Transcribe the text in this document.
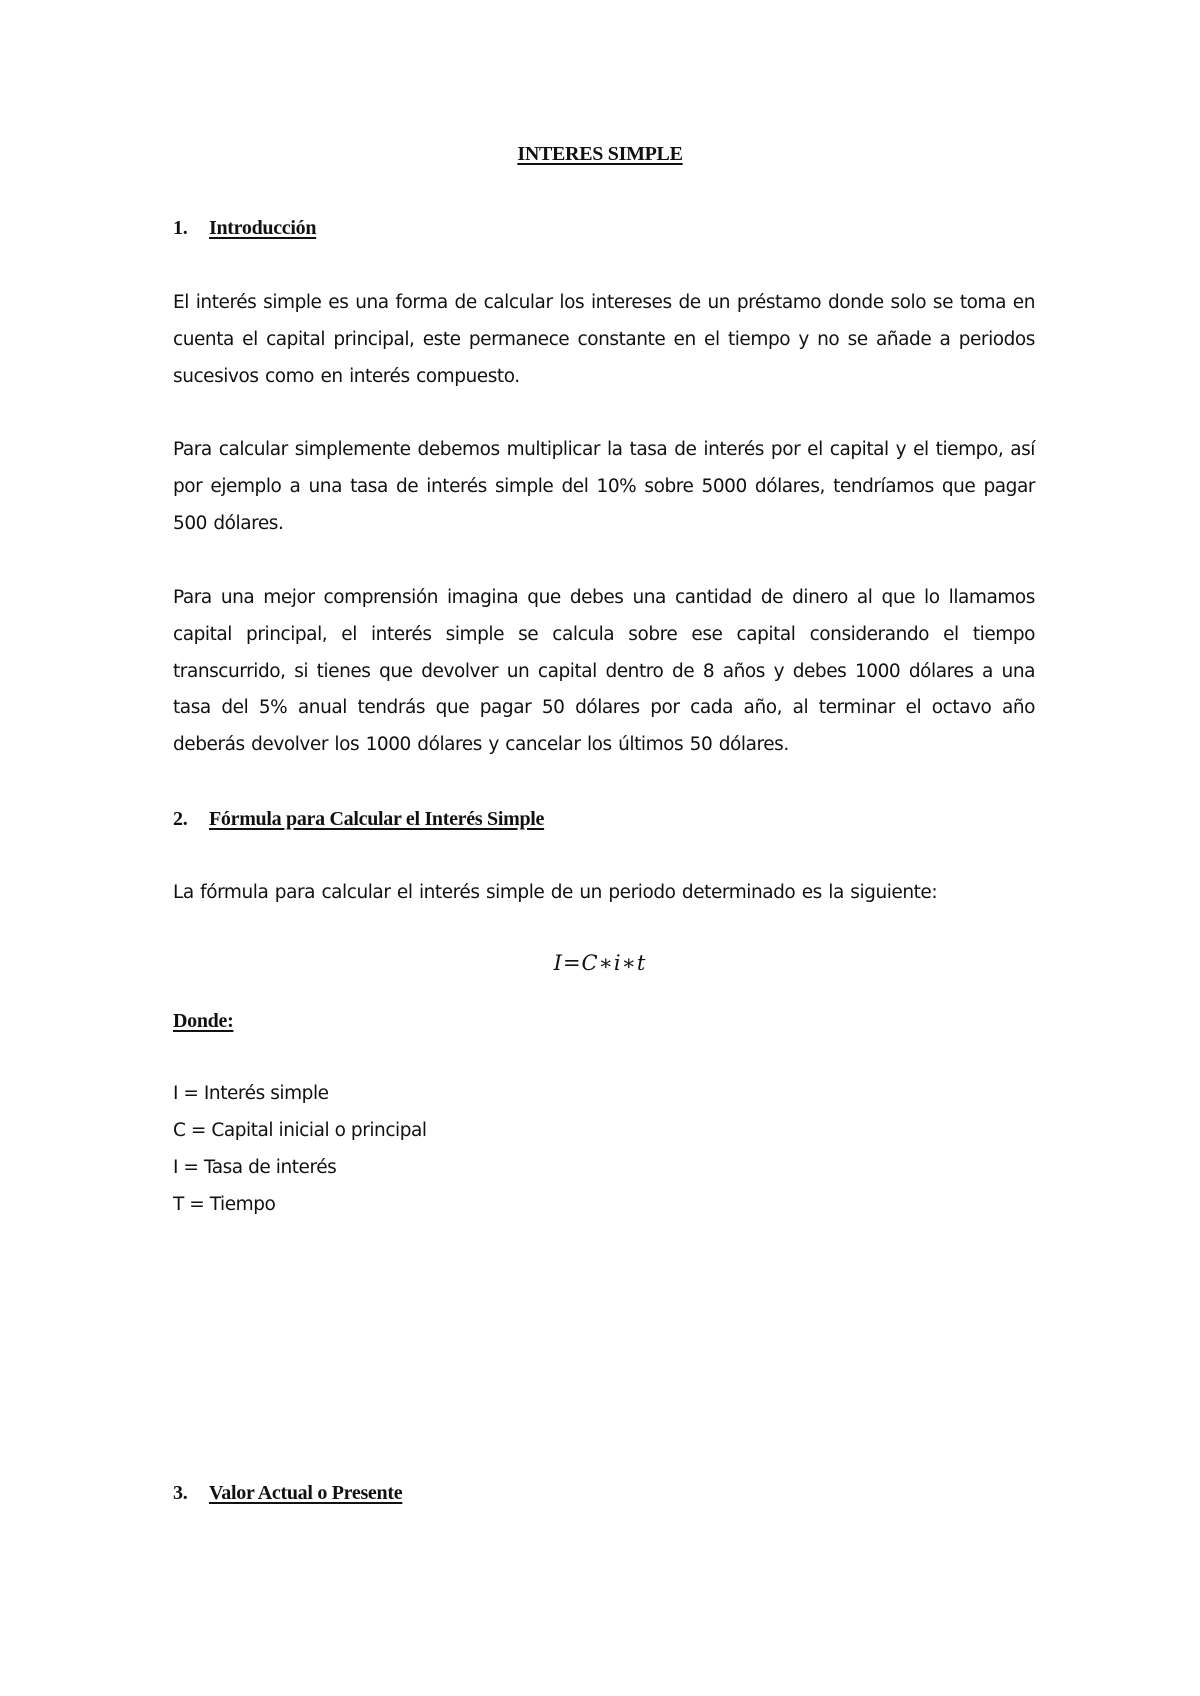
INTERES SIMPLE
1. Introducción

El interés simple es una forma de calcular los intereses de un préstamo donde solo se toma en cuenta el capital principal, este permanece constante en el tiempo y no se añade a periodos sucesivos como en interés compuesto.

Para calcular simplemente debemos multiplicar la tasa de interés por el capital y el tiempo, así por ejemplo a una tasa de interés simple del 10% sobre 5000 dólares, tendríamos que pagar 500 dólares.

Para una mejor comprensión imagina que debes una cantidad de dinero al que lo llamamos capital principal, el interés simple se calcula sobre ese capital considerando el tiempo transcurrido, si tienes que devolver un capital dentro de 8 años y debes 1000 dólares a una tasa del 5% anual tendrás que pagar 50 dólares por cada año, al terminar el octavo año deberás devolver los 1000 dólares y cancelar los últimos 50 dólares.

2. Fórmula para Calcular el Interés Simple

La fórmula para calcular el interés simple de un periodo determinado es la siguiente:

I=C∗i∗t
Donde:
I = Interés simple
C = Capital inicial o principal
I = Tasa de interés
T = Tiempo
3. Valor Actual o Presente
